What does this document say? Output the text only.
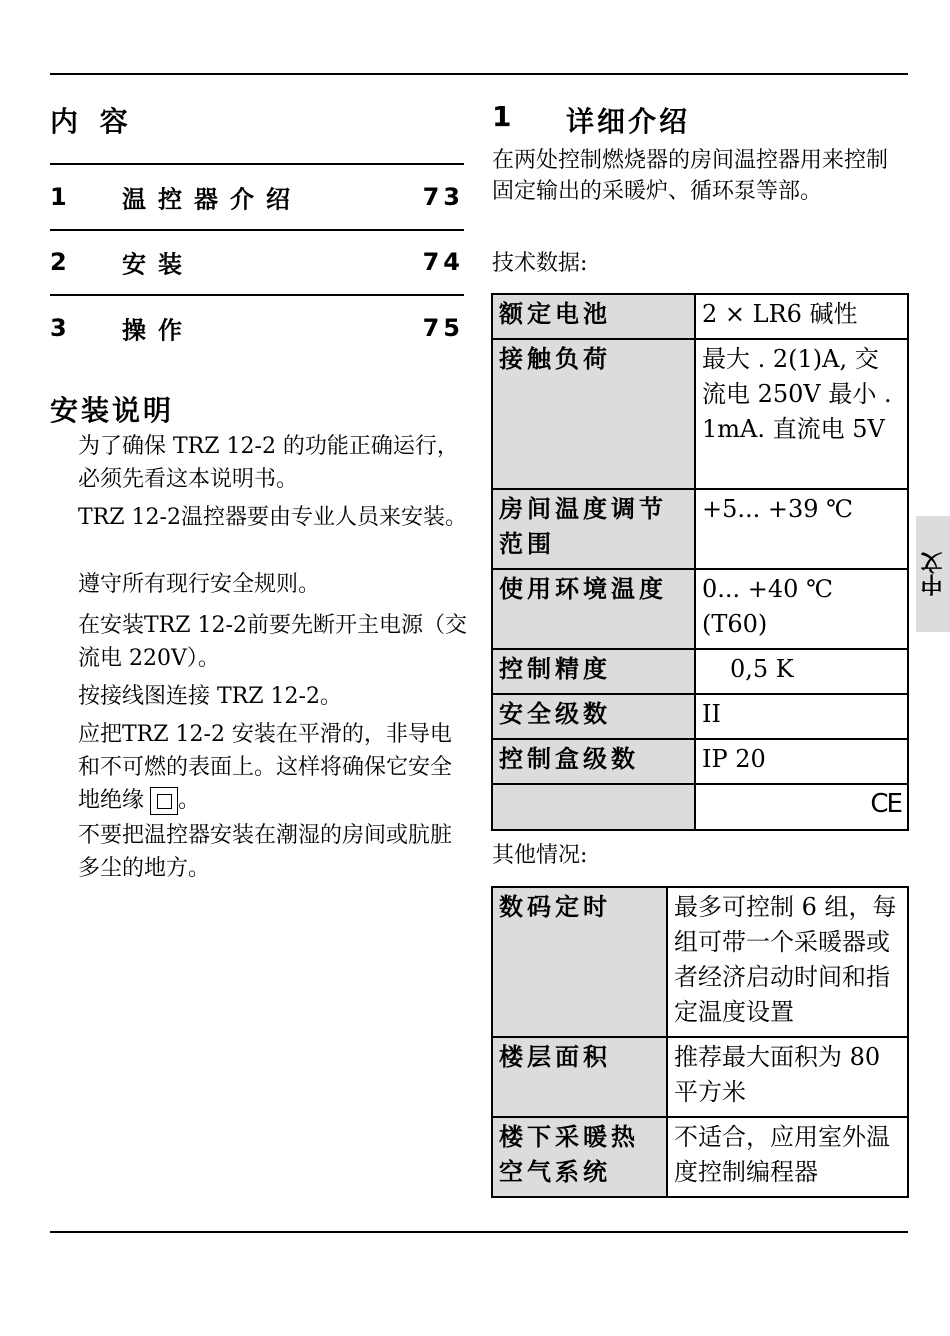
内 容
1 温控器介绍	73
2 安装	74
3 操作	75
安装说明

为了确保 TRZ 12-2 的功能正确运行，必须先看这本说明书。

TRZ 12-2温控器要由专业人员来安装。

遵守所有现行安全规则。

在安装TRZ 12-2前要先断开主电源（交流电 220V）。

按接线图连接 TRZ 12-2。

应把TRZ 12-2 安装在平滑的，非导电和不可燃的表面上。这样将确保它安全地绝缘 。

不要把温控器安装在潮湿的房间或肮脏多尘的地方。

1 详细介绍

在两处控制燃烧器的房间温控器用来控制固定输出的采暖炉、循环泵等部。

技术数据:

额定电池	2 × LR6 碱性
接触负荷	最大 . 2(1)A, 交流电 250V 最小 . 1mA. 直流电 5V
房间温度调节范围	+5... +39 ℃
使用环境温度	0... +40 ℃ (T60)
控制精度	0,5 K
安全级数	II
控制盒级数	IP 20

	CE

其他情况:

数码定时	最多可控制 6 组，每组可带一个采暖器或者经济启动时间和指定温度设置
楼层面积	推荐最大面积为 80 平方米
楼下采暖热空气系统	不适合，应用室外温度控制编程器
中文
